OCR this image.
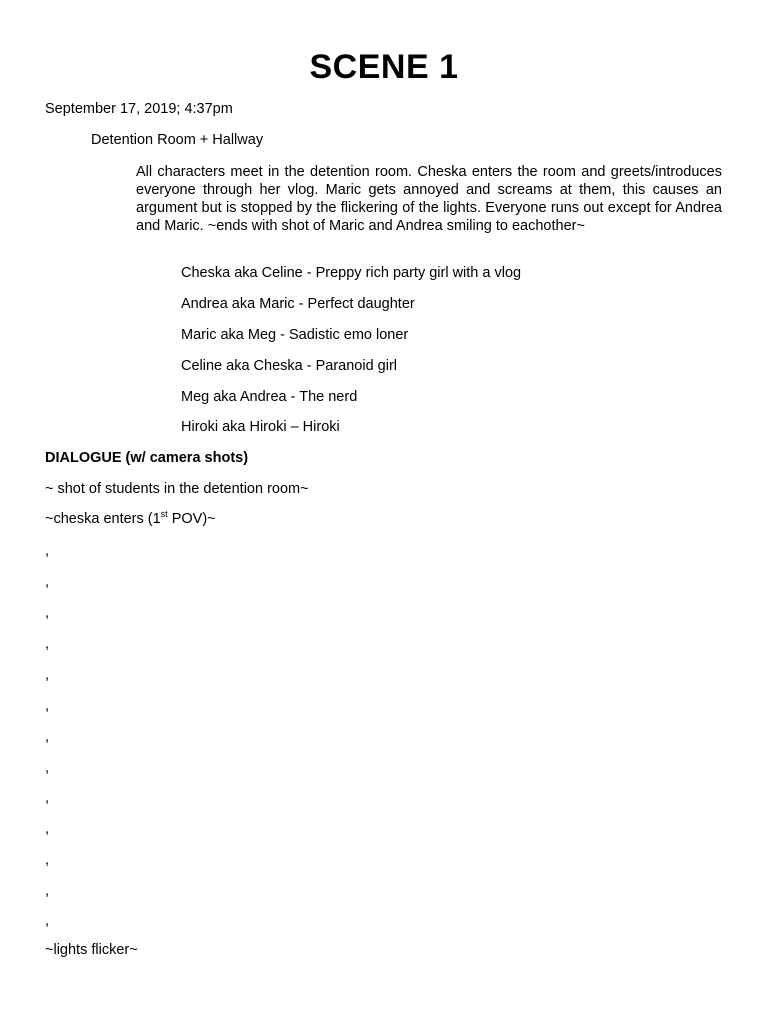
SCENE 1
September 17, 2019; 4:37pm
Detention Room + Hallway
All characters meet in the detention room. Cheska enters the room and greets/introduces everyone through her vlog. Maric gets annoyed and screams at them, this causes an argument but is stopped by the flickering of the lights. Everyone runs out except for Andrea and Maric. ~ends with shot of Maric and Andrea smiling to eachother~
Cheska aka Celine - Preppy rich party girl with a vlog
Andrea aka Maric - Perfect daughter
Maric aka Meg - Sadistic emo loner
Celine aka Cheska - Paranoid girl
Meg aka Andrea - The nerd
Hiroki aka Hiroki – Hiroki
DIALOGUE (w/ camera shots)
~ shot of students in the detention room~
~cheska enters (1st POV)~
,
,
,
,
,
,
,
,
,
,
,
,
,
~lights flicker~
